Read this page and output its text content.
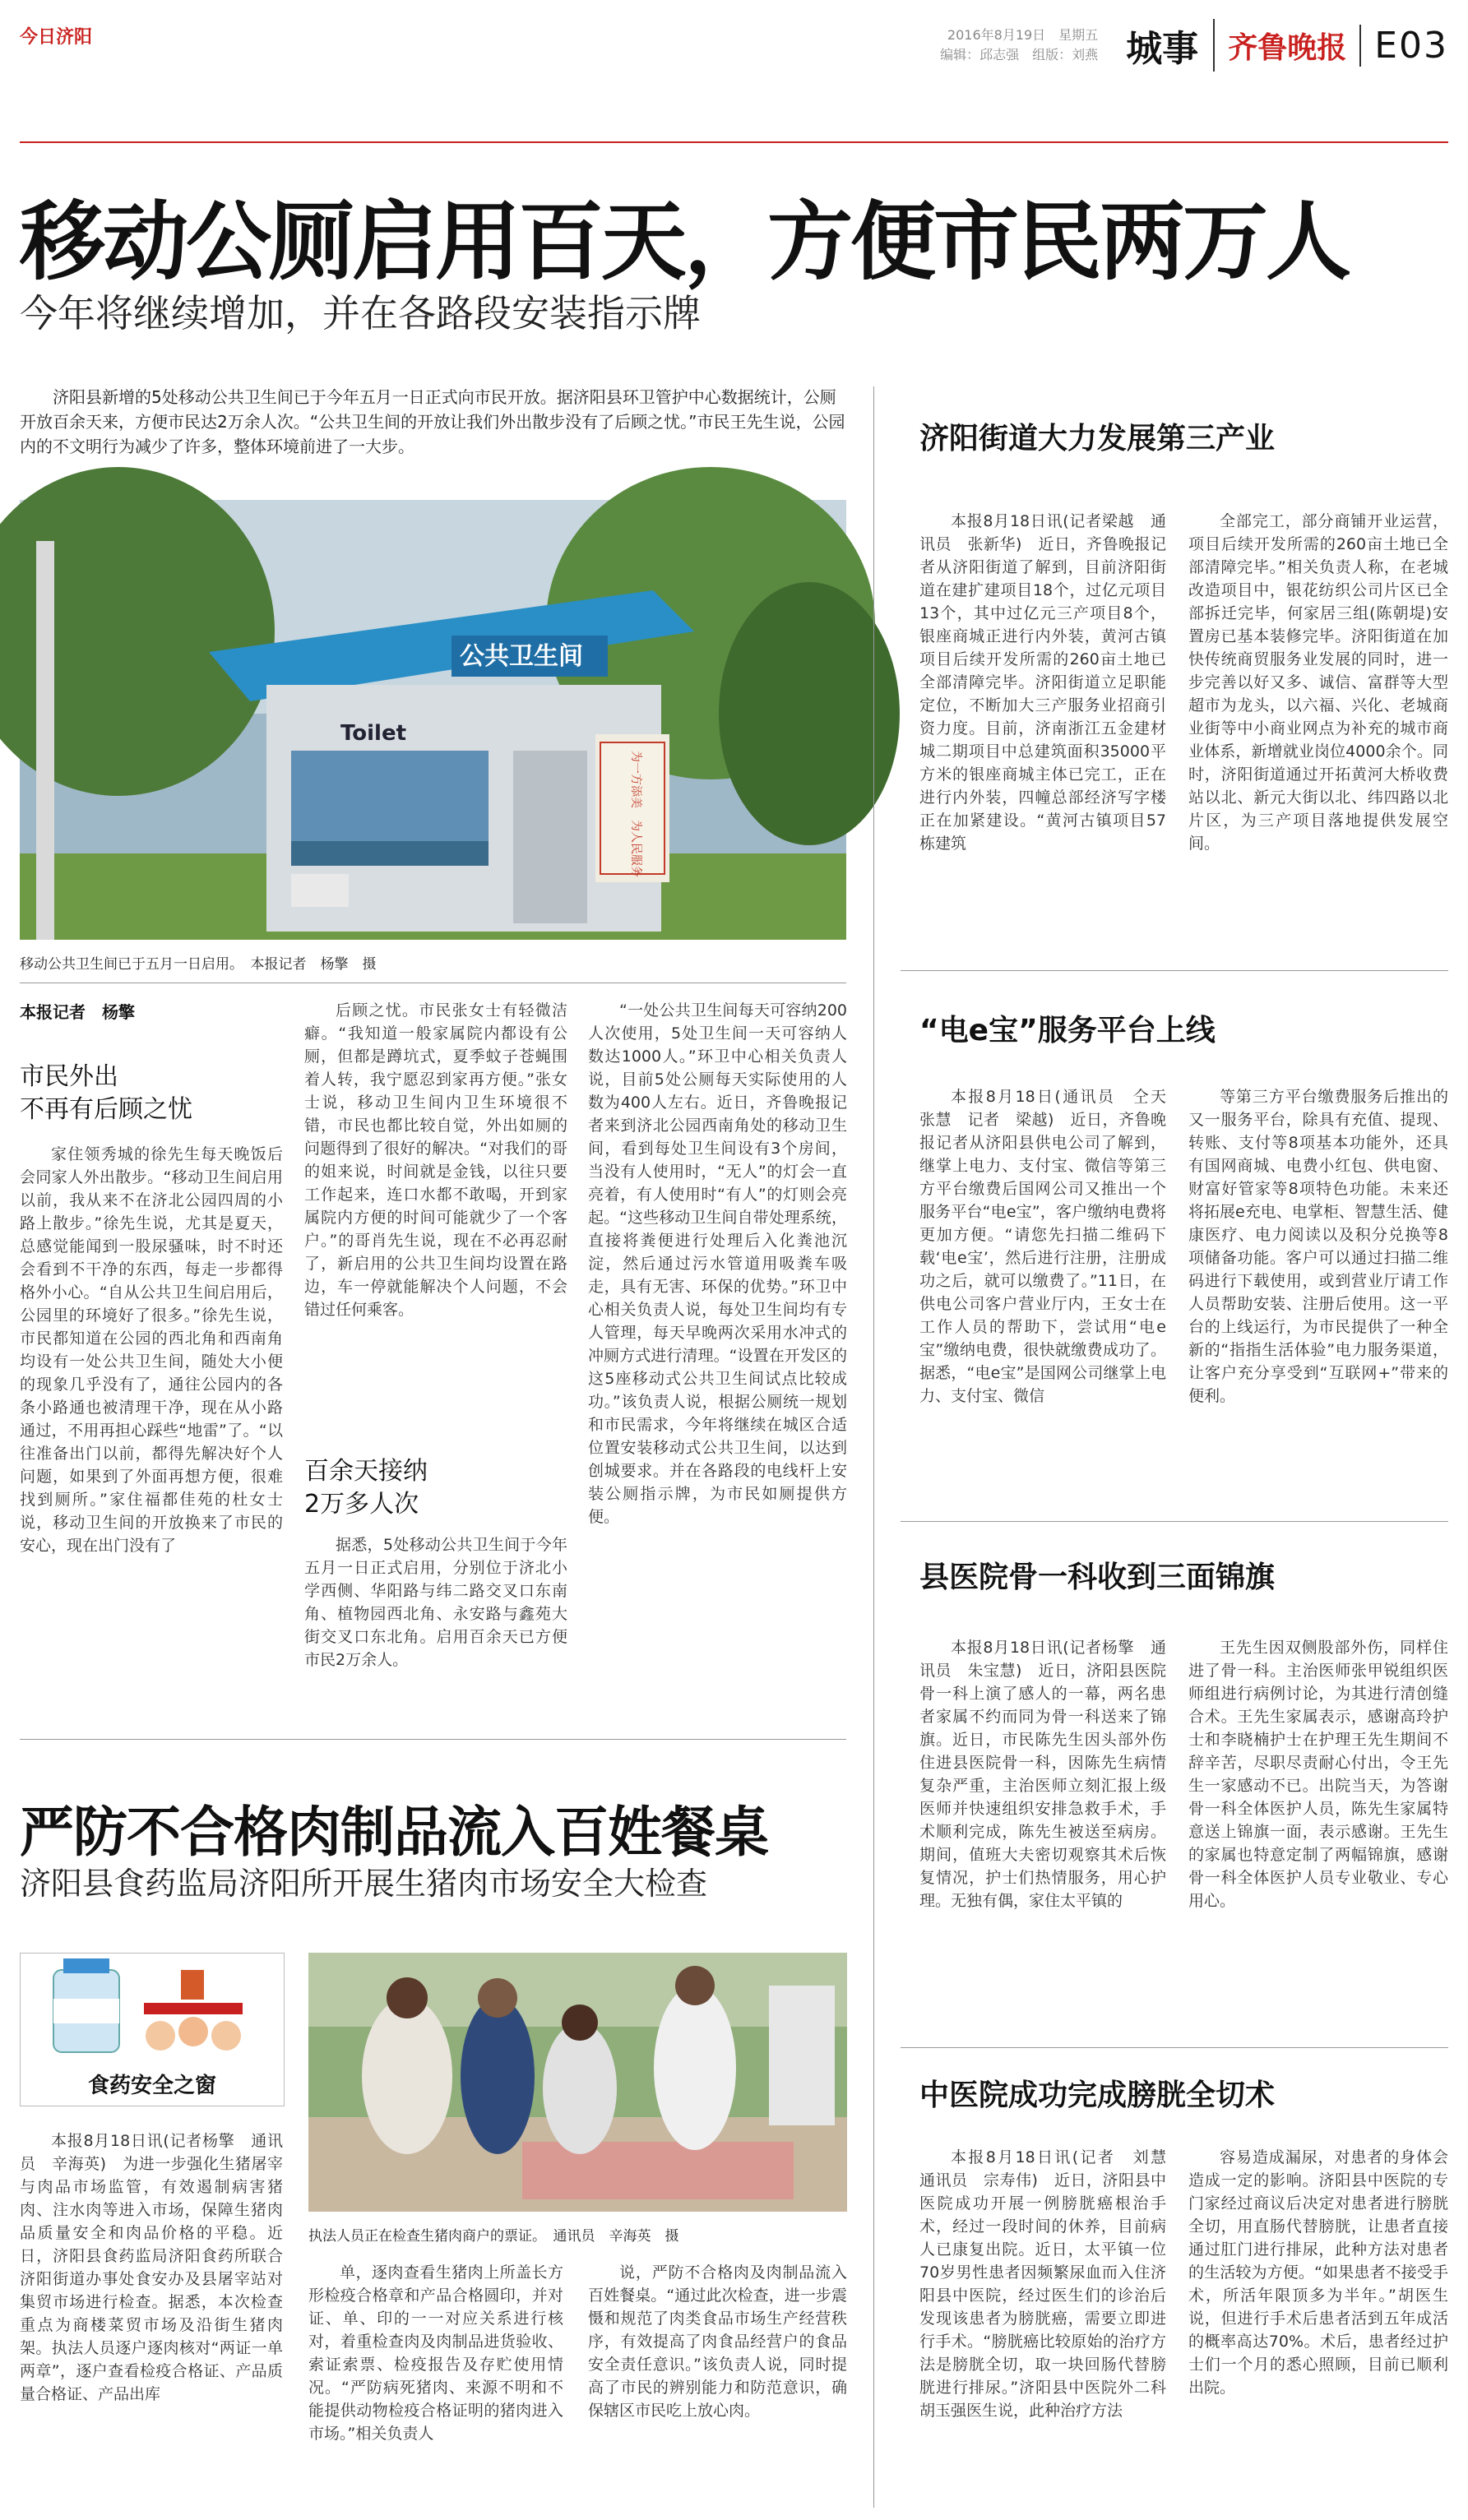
今日济阳	2016年8月19日　星期五
编辑：邱志强　组版：刘燕 城事	齐鲁晚报 E03
移动公厕启用百天，方便市民两万人
今年将继续增加，并在各路段安装指示牌
济阳县新增的5处移动公共卫生间已于今年五月一日正式向市民开放。据济阳县环卫管护中心数据统计，公厕开放百余天来，方便市民达2万余人次。“公共卫生间的开放让我们外出散步没有了后顾之忧。”市民王先生说，公园内的不文明行为减少了许多，整体环境前进了一大步。
公共卫生间
Toilet
为一方添美　为人民服务
移动公共卫生间已于五月一日启用。　本报记者　杨擎　摄
本报记者　杨擎
市民外出
不再有后顾之忧

家住领秀城的徐先生每天晚饭后会同家人外出散步。“移动卫生间启用以前，我从来不在济北公园四周的小路上散步。”徐先生说，尤其是夏天，总感觉能闻到一股尿骚味，时不时还会看到不干净的东西，每走一步都得格外小心。“自从公共卫生间启用后，公园里的环境好了很多。”徐先生说，市民都知道在公园的西北角和西南角均设有一处公共卫生间，随处大小便的现象几乎没有了，通往公园内的各条小路通也被清理干净，现在从小路通过，不用再担心踩些“地雷”了。“以往准备出门以前，都得先解决好个人问题，如果到了外面再想方便，很难找到厕所。”家住福都佳苑的杜女士说，移动卫生间的开放换来了市民的安心，现在出门没有了

后顾之忧。市民张女士有轻微洁癖。“我知道一般家属院内都设有公厕，但都是蹲坑式，夏季蚊子苍蝇围着人转，我宁愿忍到家再方便。”张女士说，移动卫生间内卫生环境很不错，市民也都比较自觉，外出如厕的问题得到了很好的解决。“对我们的哥的姐来说，时间就是金钱，以往只要工作起来，连口水都不敢喝，开到家属院内方便的时间可能就少了一个客户。”的哥肖先生说，现在不必再忍耐了，新启用的公共卫生间均设置在路边，车一停就能解决个人问题，不会错过任何乘客。

百余天接纳
2万多人次

据悉，5处移动公共卫生间于今年五月一日正式启用，分别位于济北小学西侧、华阳路与纬二路交叉口东南角、植物园西北角、永安路与鑫苑大街交叉口东北角。启用百余天已方便市民2万余人。

“一处公共卫生间每天可容纳200人次使用，5处卫生间一天可容纳人数达1000人。”环卫中心相关负责人说，目前5处公厕每天实际使用的人数为400人左右。近日，齐鲁晚报记者来到济北公园西南角处的移动卫生间，看到每处卫生间设有3个房间，当没有人使用时，“无人”的灯会一直亮着，有人使用时“有人”的灯则会亮起。“这些移动卫生间自带处理系统，直接将粪便进行处理后入化粪池沉淀，然后通过污水管道用吸粪车吸走，具有无害、环保的优势。”环卫中心相关负责人说，每处卫生间均有专人管理，每天早晚两次采用水冲式的冲厕方式进行清理。“设置在开发区的这5座移动式公共卫生间试点比较成功。”该负责人说，根据公厕统一规划和市民需求，今年将继续在城区合适位置安装移动式公共卫生间，以达到创城要求。并在各路段的电线杆上安装公厕指示牌，为市民如厕提供方便。

济阳街道大力发展第三产业

本报8月18日讯(记者梁越　通讯员　张新华)　近日，齐鲁晚报记者从济阳街道了解到，目前济阳街道在建扩建项目18个，过亿元项目13个，其中过亿元三产项目8个，银座商城正进行内外装，黄河古镇项目后续开发所需的260亩土地已全部清障完毕。济阳街道立足职能定位，不断加大三产服务业招商引资力度。目前，济南浙江五金建材城二期项目中总建筑面积35000平方米的银座商城主体已完工，正在进行内外装，四幢总部经济写字楼正在加紧建设。“黄河古镇项目57栋建筑

全部完工，部分商铺开业运营，项目后续开发所需的260亩土地已全部清障完毕。”相关负责人称，在老城改造项目中，银花纺织公司片区已全部拆迁完毕，何家居三组(陈朝堤)安置房已基本装修完毕。济阳街道在加快传统商贸服务业发展的同时，进一步完善以好又多、诚信、富群等大型超市为龙头，以六福、兴化、老城商业街等中小商业网点为补充的城市商业体系，新增就业岗位4000余个。同时，济阳街道通过开拓黄河大桥收费站以北、新元大街以北、纬四路以北片区，为三产项目落地提供发展空间。

“电e宝”服务平台上线

本报8月18日(通讯员　仝天　张慧　记者　梁越)　近日，齐鲁晚报记者从济阳县供电公司了解到，继掌上电力、支付宝、微信等第三方平台缴费后国网公司又推出一个服务平台“电e宝”，客户缴纳电费将更加方便。“请您先扫描二维码下载‘电e宝’，然后进行注册，注册成功之后，就可以缴费了。”11日，在供电公司客户营业厅内，王女士在工作人员的帮助下，尝试用“电e宝”缴纳电费，很快就缴费成功了。据悉，“电e宝”是国网公司继掌上电力、支付宝、微信

等第三方平台缴费服务后推出的又一服务平台，除具有充值、提现、转账、支付等8项基本功能外，还具有国网商城、电费小红包、供电窗、财富好管家等8项特色功能。未来还将拓展e充电、电掌柜、智慧生活、健康医疗、电力阅读以及积分兑换等8项储备功能。客户可以通过扫描二维码进行下载使用，或到营业厅请工作人员帮助安装、注册后使用。这一平台的上线运行，为市民提供了一种全新的“指指生活体验”电力服务渠道，让客户充分享受到“互联网+”带来的便利。

县医院骨一科收到三面锦旗

本报8月18日讯(记者杨擎　通讯员　朱宝慧)　近日，济阳县医院骨一科上演了感人的一幕，两名患者家属不约而同为骨一科送来了锦旗。近日，市民陈先生因头部外伤住进县医院骨一科，因陈先生病情复杂严重，主治医师立刻汇报上级医师并快速组织安排急救手术，手术顺利完成，陈先生被送至病房。期间，值班大夫密切观察其术后恢复情况，护士们热情服务，用心护理。无独有偶，家住太平镇的

王先生因双侧股部外伤，同样住进了骨一科。主治医师张甲锐组织医师组进行病例讨论，为其进行清创缝合术。王先生家属表示，感谢高玲护士和李晓楠护士在护理王先生期间不辞辛苦，尽职尽责耐心付出，令王先生一家感动不已。出院当天，为答谢骨一科全体医护人员，陈先生家属特意送上锦旗一面，表示感谢。王先生的家属也特意定制了两幅锦旗，感谢骨一科全体医护人员专业敬业、专心用心。

中医院成功完成膀胱全切术

本报8月18日讯(记者　刘慧　通讯员　宗寿伟)　近日，济阳县中医院成功开展一例膀胱癌根治手术，经过一段时间的休养，目前病人已康复出院。近日，太平镇一位70岁男性患者因频繁尿血而入住济阳县中医院，经过医生们的诊治后发现该患者为膀胱癌，需要立即进行手术。“膀胱癌比较原始的治疗方法是膀胱全切，取一块回肠代替膀胱进行排尿。”济阳县中医院外二科胡玉强医生说，此种治疗方法

容易造成漏尿，对患者的身体会造成一定的影响。济阳县中医院的专门家经过商议后决定对患者进行膀胱全切，用直肠代替膀胱，让患者直接通过肛门进行排尿，此种方法对患者的生活较为方便。“如果患者不接受手术，所活年限顶多为半年。”胡医生说，但进行手术后患者活到五年成活的概率高达70%。术后，患者经过护士们一个月的悉心照顾，目前已顺利出院。

严防不合格肉制品流入百姓餐桌
济阳县食药监局济阳所开展生猪肉市场安全大检查
食药安全之窗

本报8月18日讯(记者杨擎　通讯员　辛海英)　为进一步强化生猪屠宰与肉品市场监管，有效遏制病害猪肉、注水肉等进入市场，保障生猪肉品质量安全和肉品价格的平稳。近日，济阳县食药监局济阳食药所联合济阳街道办事处食安办及县屠宰站对集贸市场进行检查。据悉，本次检查重点为商楼菜贸市场及沿街生猪肉架。执法人员逐户逐肉核对“两证一单两章”，逐户查看检疫合格证、产品质量合格证、产品出库

执法人员正在检查生猪肉商户的票证。　通讯员　辛海英　摄

单，逐肉查看生猪肉上所盖长方形检疫合格章和产品合格圆印，并对证、单、印的一一对应关系进行核对，着重检查肉及肉制品进货验收、索证索票、检疫报告及存贮使用情况。“严防病死猪肉、来源不明和不能提供动物检疫合格证明的猪肉进入市场。”相关负责人

说，严防不合格肉及肉制品流入百姓餐桌。“通过此次检查，进一步震慑和规范了肉类食品市场生产经营秩序，有效提高了肉食品经营户的食品安全责任意识。”该负责人说，同时提高了市民的辨别能力和防范意识，确保辖区市民吃上放心肉。
